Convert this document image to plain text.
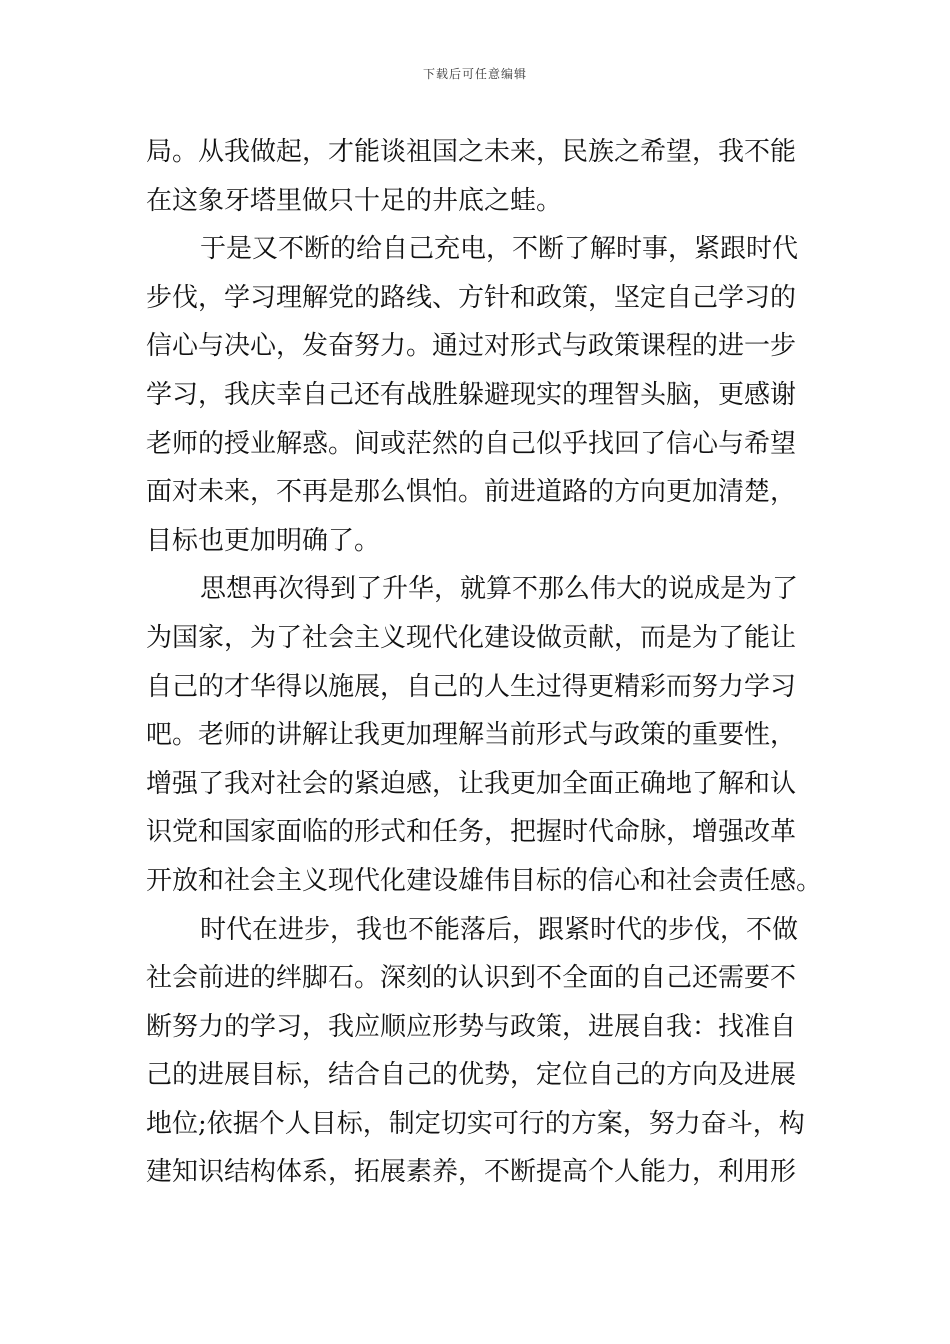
下载后可任意编辑
局。从我做起，才能谈祖国之未来，民族之希望，我不能
在这象牙塔里做只十足的井底之蛙。
于是又不断的给自己充电，不断了解时事，紧跟时代
步伐，学习理解党的路线、方针和政策，坚定自己学习的
信心与决心，发奋努力。通过对形式与政策课程的进一步
学习，我庆幸自己还有战胜躲避现实的理智头脑，更感谢
老师的授业解惑。间或茫然的自己似乎找回了信心与希望
面对未来，不再是那么惧怕。前进道路的方向更加清楚，
目标也更加明确了。
思想再次得到了升华，就算不那么伟大的说成是为了
为国家，为了社会主义现代化建设做贡献，而是为了能让
自己的才华得以施展，自己的人生过得更精彩而努力学习
吧。老师的讲解让我更加理解当前形式与政策的重要性，
增强了我对社会的紧迫感，让我更加全面正确地了解和认
识党和国家面临的形式和任务，把握时代命脉，增强改革
开放和社会主义现代化建设雄伟目标的信心和社会责任感。
时代在进步，我也不能落后，跟紧时代的步伐，不做
社会前进的绊脚石。深刻的认识到不全面的自己还需要不
断努力的学习，我应顺应形势与政策，进展自我：找准自
己的进展目标，结合自己的优势，定位自己的方向及进展
地位;依据个人目标，制定切实可行的方案，努力奋斗，构
建知识结构体系，拓展素养，不断提高个人能力，利用形
